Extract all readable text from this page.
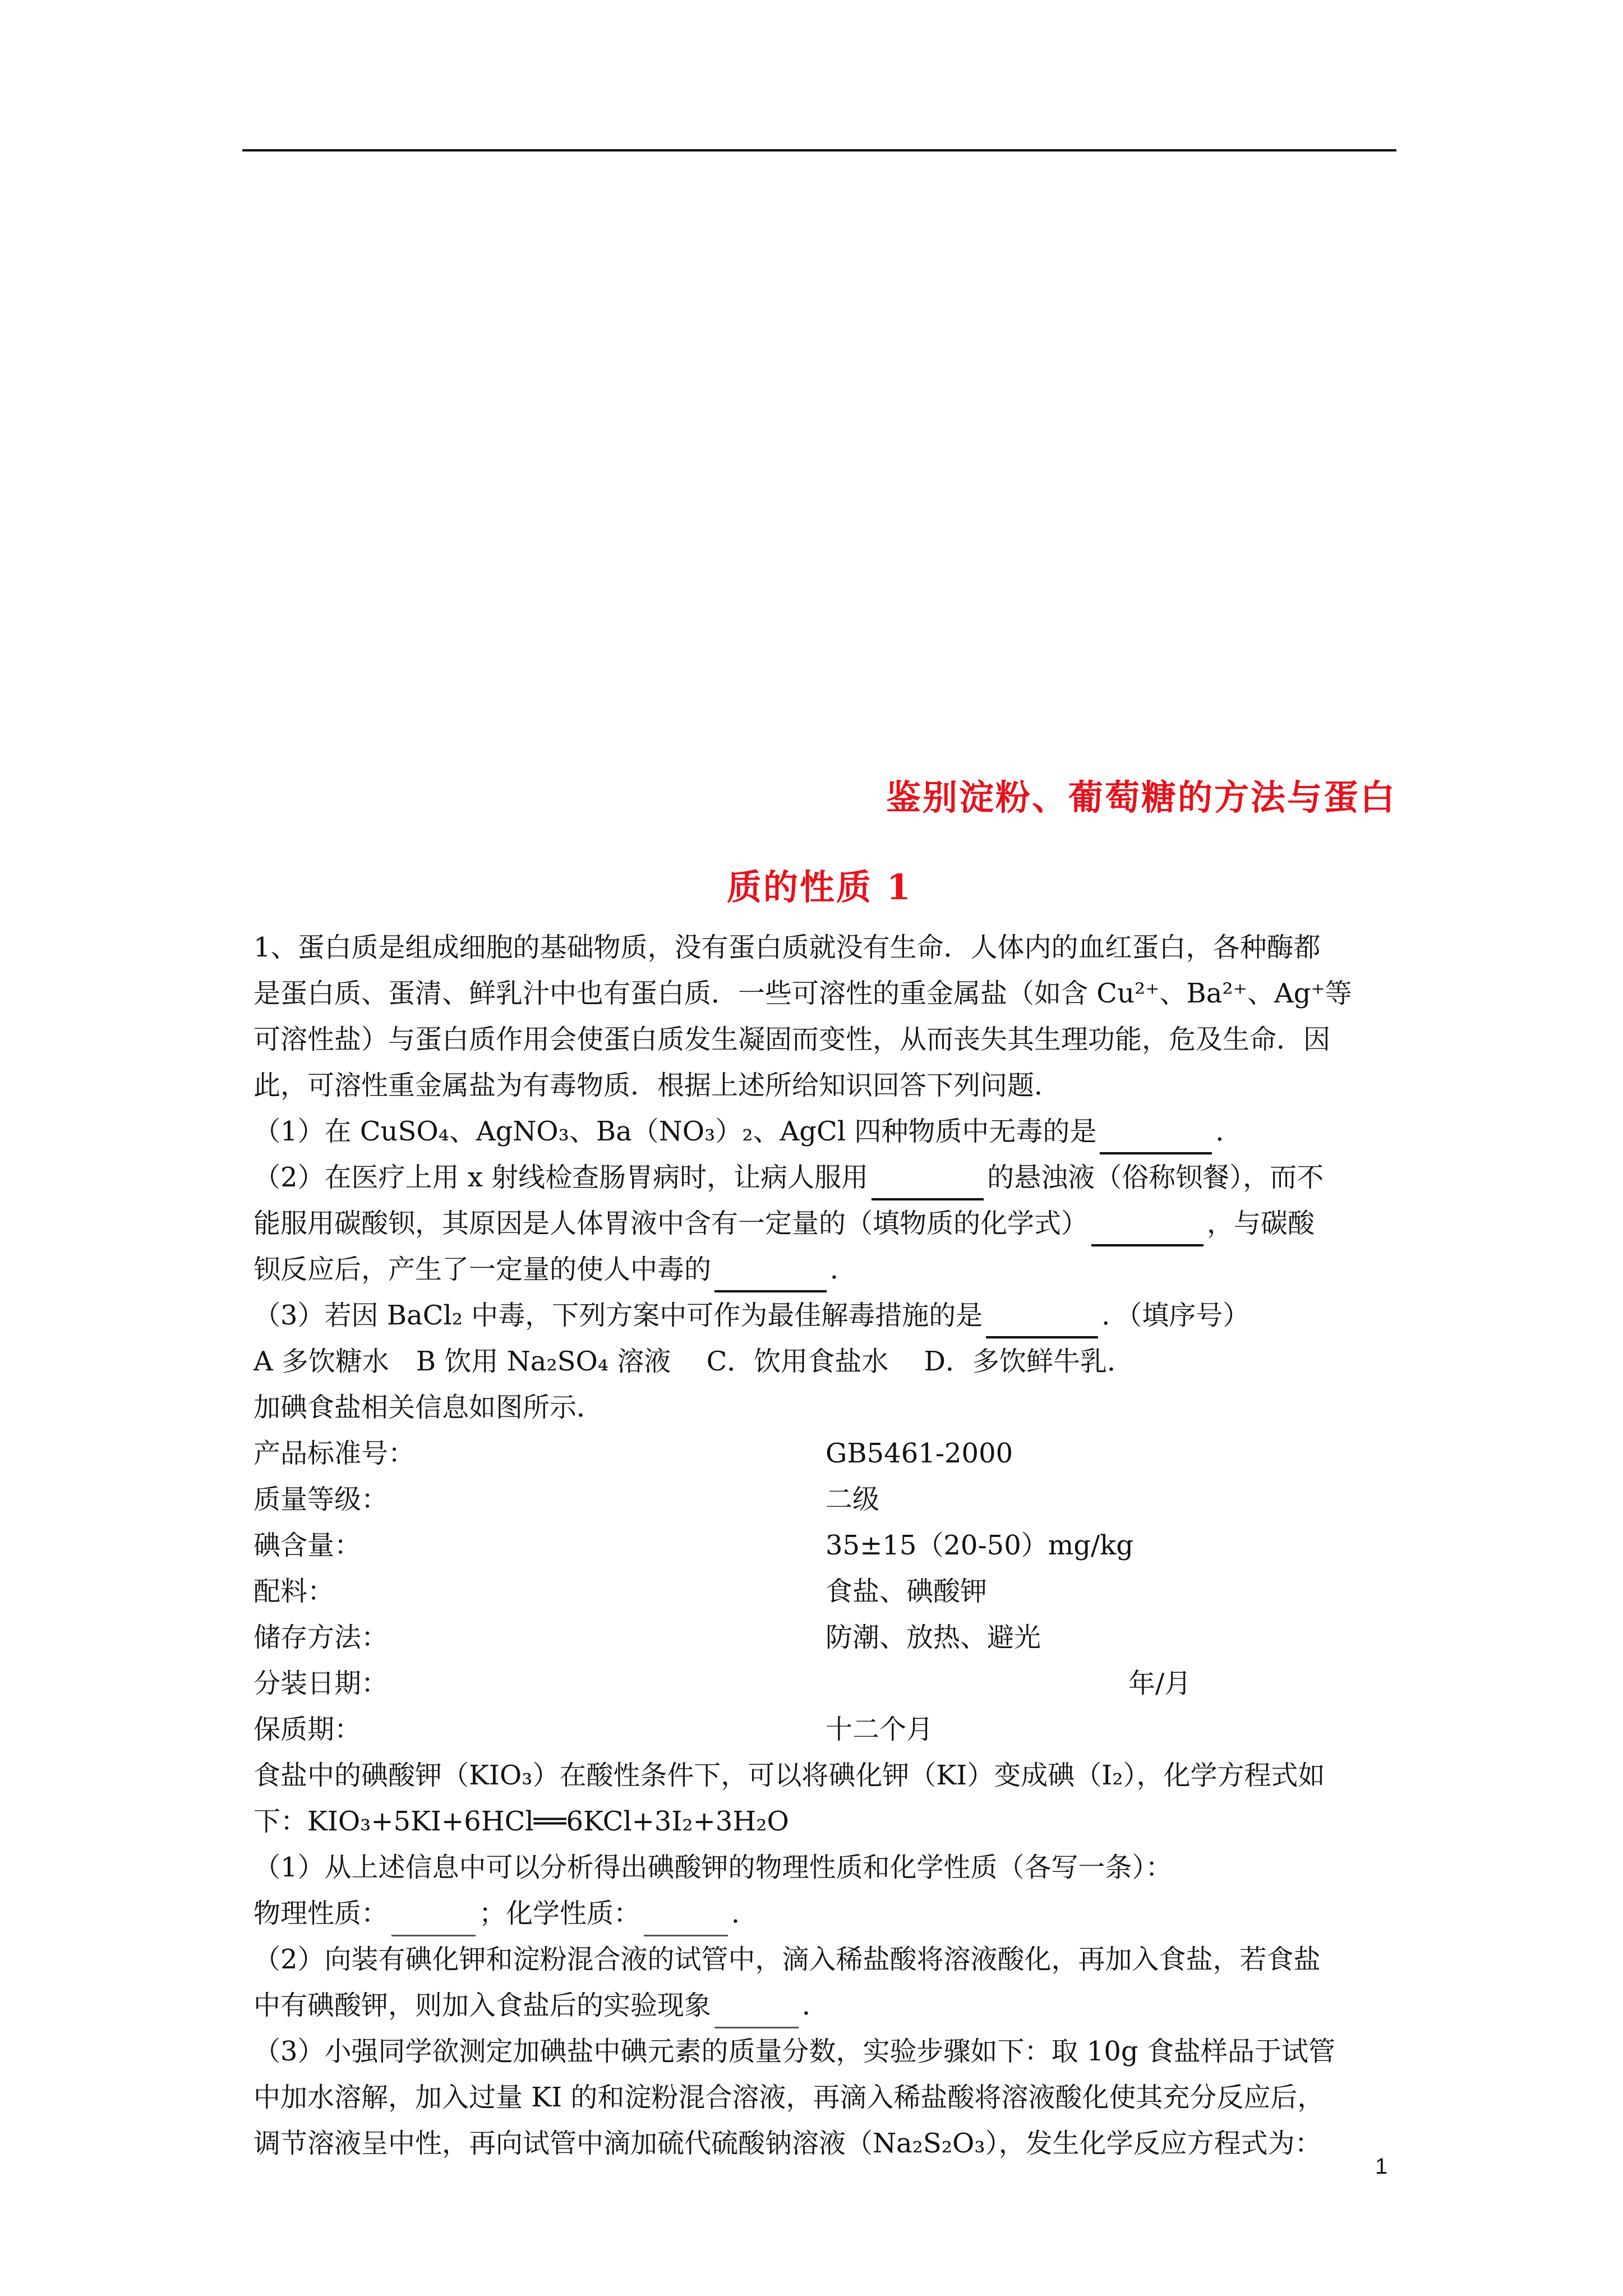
鉴别淀粉、葡萄糖的方法与蛋白
质的性质 1

1、蛋白质是组成细胞的基础物质，没有蛋白质就没有生命．人体内的血红蛋白，各种酶都

是蛋白质、蛋清、鲜乳汁中也有蛋白质．一些可溶性的重金属盐（如含 Cu²⁺、Ba²⁺、Ag⁺等

可溶性盐）与蛋白质作用会使蛋白质发生凝固而变性，从而丧失其生理功能，危及生命．因

此，可溶性重金属盐为有毒物质．根据上述所给知识回答下列问题．

（1）在 CuSO₄、AgNO₃、Ba（NO₃）₂、AgCl 四种物质中无毒的是	．

（2）在医疗上用 x 射线检查肠胃病时，让病人服用	的悬浊液（俗称钡餐），而不

能服用碳酸钡，其原因是人体胃液中含有一定量的（填物质的化学式）	，与碳酸

钡反应后，产生了一定量的使人中毒的	．

（3）若因 BaCl₂ 中毒，下列方案中可作为最佳解毒措施的是	．（填序号）

A 多饮糖水　B 饮用 Na₂SO₄ 溶液　 C．饮用食盐水　 D．多饮鲜牛乳．

加碘食盐相关信息如图所示．

产品标准号：	GB5461-2000
质量等级：	二级
碘含量：	35±15（20-50）mg/kg
配料：	食盐、碘酸钾
储存方法：	防潮、放热、避光
分装日期：	年/月
保质期：	十二个月

食盐中的碘酸钾（KIO₃）在酸性条件下，可以将碘化钾（KI）变成碘（I₂），化学方程式如

下：KIO₃+5KI+6HCl══6KCl+3I₂+3H₂O

（1）从上述信息中可以分析得出碘酸钾的物理性质和化学性质（各写一条）：

物理性质：	；化学性质：	．

（2）向装有碘化钾和淀粉混合液的试管中，滴入稀盐酸将溶液酸化，再加入食盐，若食盐

中有碘酸钾，则加入食盐后的实验现象	．

（3）小强同学欲测定加碘盐中碘元素的质量分数，实验步骤如下：取 10g 食盐样品于试管

中加水溶解，加入过量 KI 的和淀粉混合溶液，再滴入稀盐酸将溶液酸化使其充分反应后，

调节溶液呈中性，再向试管中滴加硫代硫酸钠溶液（Na₂S₂O₃），发生化学反应方程式为：

1
